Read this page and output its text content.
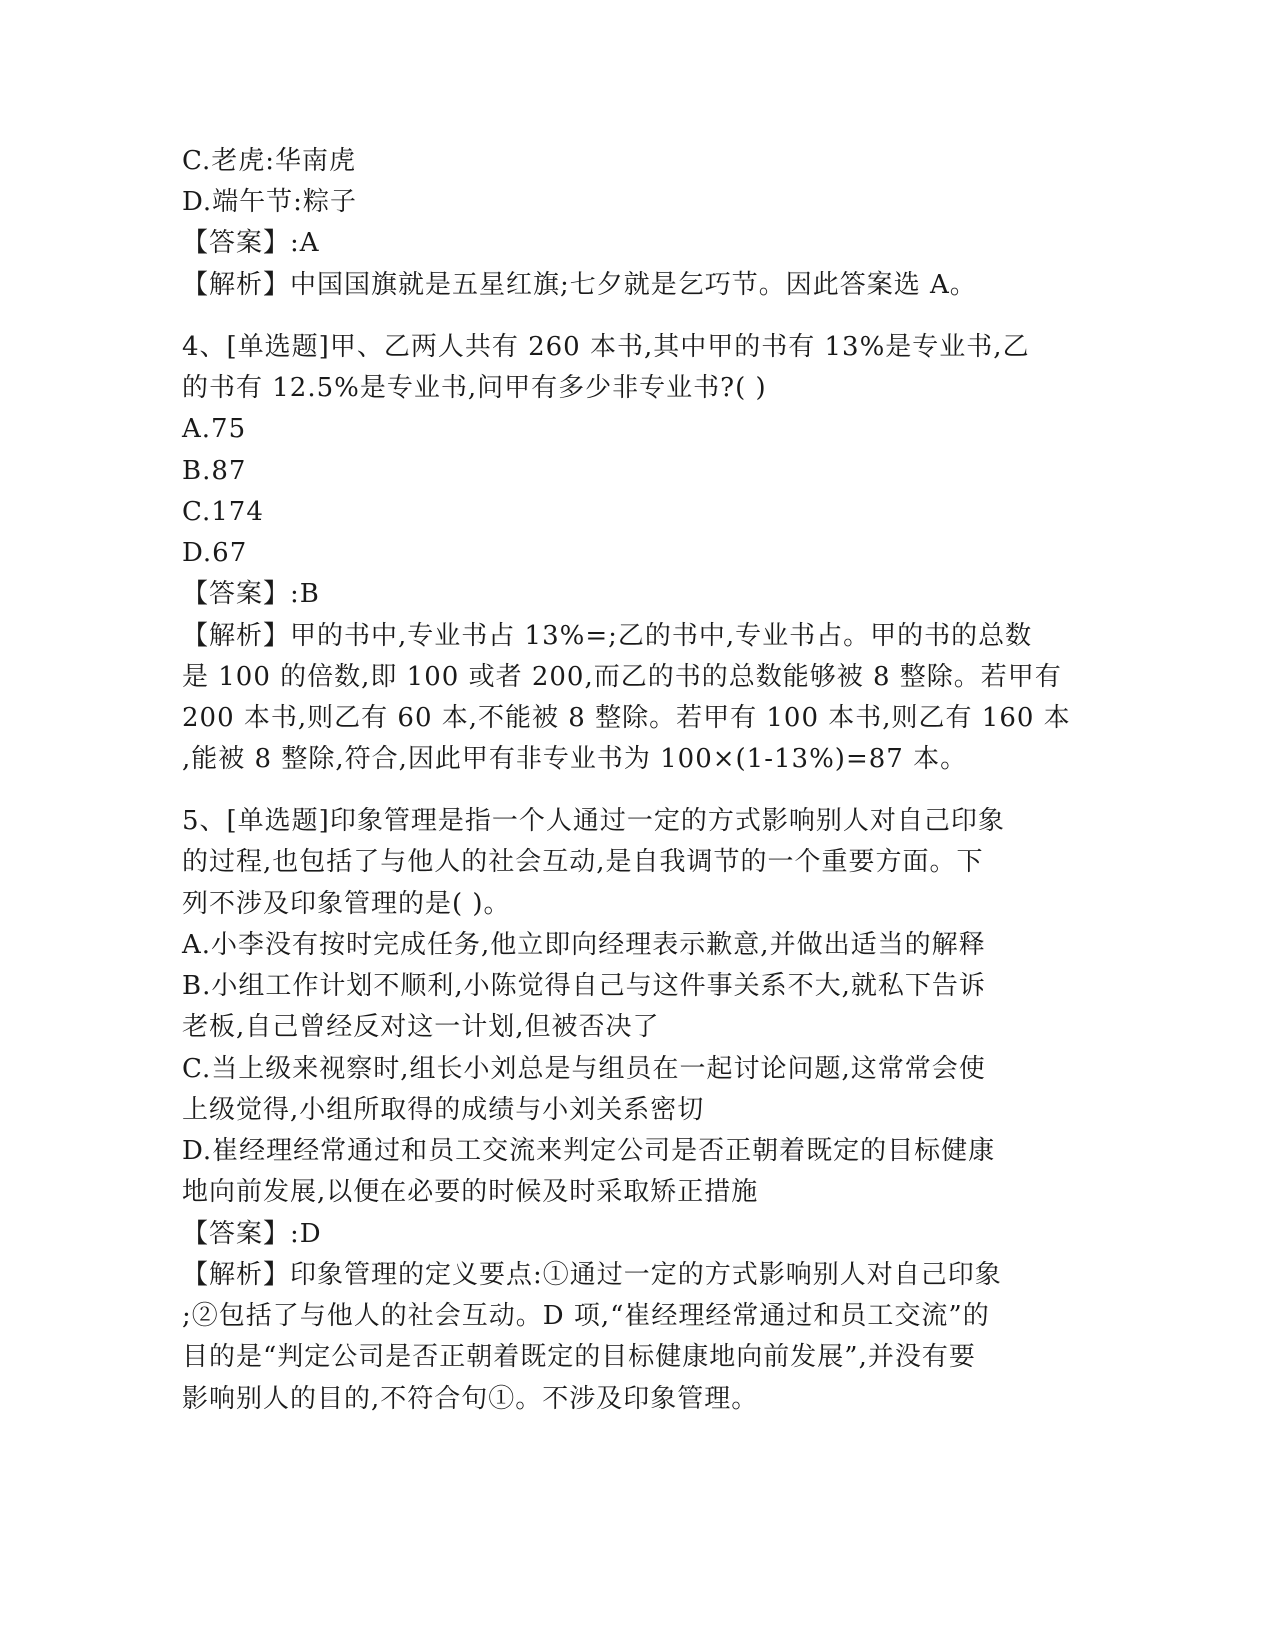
C.老虎:华南虎
D.端午节:粽子
【答案】:A
【解析】中国国旗就是五星红旗;七夕就是乞巧节。因此答案选 A。
4、[单选题]甲、乙两人共有 260 本书,其中甲的书有 13%是专业书,乙
的书有 12.5%是专业书,问甲有多少非专业书?( )
A.75
B.87
C.174
D.67
【答案】:B
【解析】甲的书中,专业书占 13%=;乙的书中,专业书占。甲的书的总数
是 100 的倍数,即 100 或者 200,而乙的书的总数能够被 8 整除。若甲有
200 本书,则乙有 60 本,不能被 8 整除。若甲有 100 本书,则乙有 160 本
,能被 8 整除,符合,因此甲有非专业书为 100×(1-13%)=87 本。
5、[单选题]印象管理是指一个人通过一定的方式影响别人对自己印象
的过程,也包括了与他人的社会互动,是自我调节的一个重要方面。下
列不涉及印象管理的是( )。
A.小李没有按时完成任务,他立即向经理表示歉意,并做出适当的解释
B.小组工作计划不顺利,小陈觉得自己与这件事关系不大,就私下告诉
老板,自己曾经反对这一计划,但被否决了
C.当上级来视察时,组长小刘总是与组员在一起讨论问题,这常常会使
上级觉得,小组所取得的成绩与小刘关系密切
D.崔经理经常通过和员工交流来判定公司是否正朝着既定的目标健康
地向前发展,以便在必要的时候及时采取矫正措施
【答案】:D
【解析】印象管理的定义要点:①通过一定的方式影响别人对自己印象
;②包括了与他人的社会互动。D 项,“崔经理经常通过和员工交流”的
目的是“判定公司是否正朝着既定的目标健康地向前发展”,并没有要
影响别人的目的,不符合句①。不涉及印象管理。
